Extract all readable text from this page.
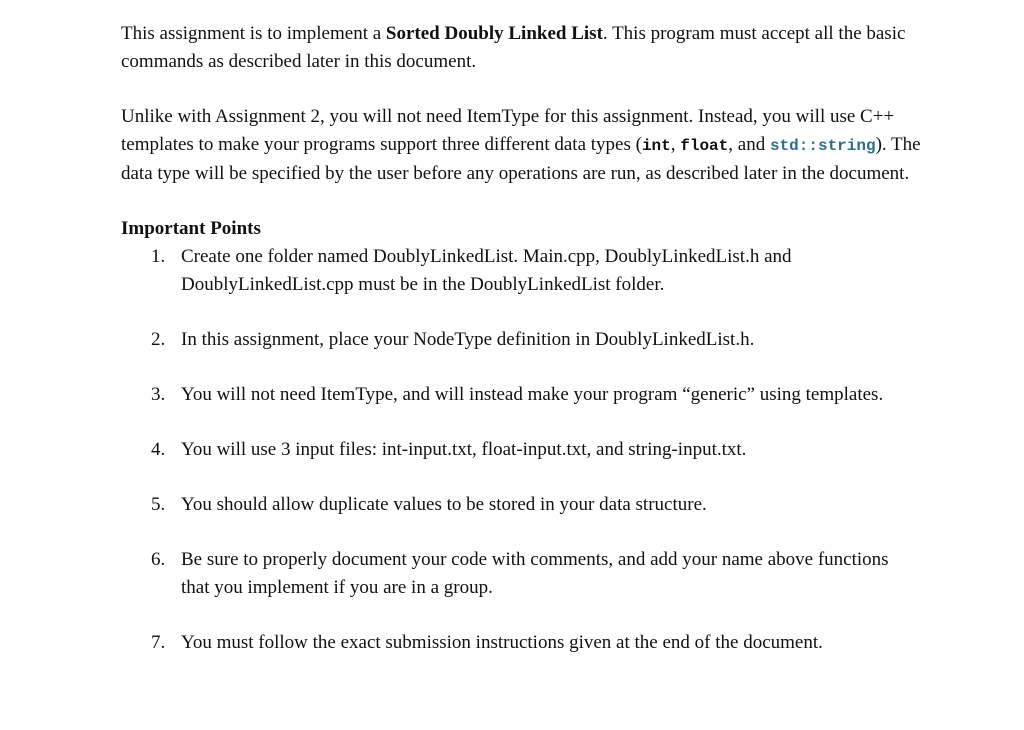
This assignment is to implement a Sorted Doubly Linked List. This program must accept all the basic commands as described later in this document.

Unlike with Assignment 2, you will not need ItemType for this assignment. Instead, you will use C++ templates to make your programs support three different data types (int, float, and std::string). The data type will be specified by the user before any operations are run, as described later in the document.

Important Points
1. Create one folder named DoublyLinkedList. Main.cpp, DoublyLinkedList.h and DoublyLinkedList.cpp must be in the DoublyLinkedList folder.
2. In this assignment, place your NodeType definition in DoublyLinkedList.h.
3. You will not need ItemType, and will instead make your program “generic” using templates.
4. You will use 3 input files: int-input.txt, float-input.txt, and string-input.txt.
5. You should allow duplicate values to be stored in your data structure.
6. Be sure to properly document your code with comments, and add your name above functions that you implement if you are in a group.
7. You must follow the exact submission instructions given at the end of the document.
